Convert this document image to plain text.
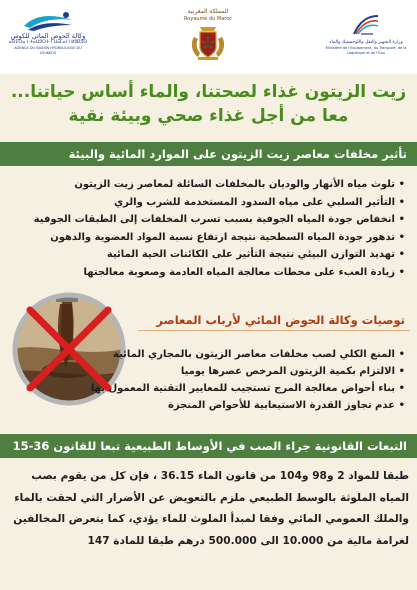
وكالة الحوض المائي للكوس
ⴰⵙⵉⵔⴰ ⵏ ⵜⴰⵡⵓⵔⵜ ⵏ ⵡⴰⵎⴰⵏ ⵏ ⵍⵓⴽⵓⵙ
AGENCE DU BASSIN HYDRAULIQUE DU LOUKKOS
المملكة المغربية
Royaume du Maroc
وزارة التجهيز والنقل واللوجستيك والماء
Ministère de l'Equipement, du Transport, de la Logistique et de l'Eau
زيت الزيتون غذاء لصحتنا، والماء أساس حياتنا...
معا من أجل غذاء صحي وبيئة نقية
تأثير مخلفات معاصر زيت الزيتون على الموارد المائية والبيئة
• تلوث مياه الأنهار والوديان بالمخلفات السائلة لمعاصر زيت الزيتون
• التأثير السلبي على مياه السدود المستخدمة للشرب والري
• انخفاض جودة المياه الجوفية بسبب تسرب المخلفات إلى الطبقات الجوفية
• تدهور جودة المياه السطحية نتيجة ارتفاع نسبة المواد العضوية والدهون
• تهديد التوازن البيئي نتيجة التأثير على الكائنات الحية المائية
• زيادة العبء على محطات معالجة المياه العادمة وصعوبة معالجتها
توصيات وكالة الحوض المائي لأرباب المعاصر
• المنع الكلي لصب مخلفات معاصر الزيتون بالمجاري المائية
• الالتزام بكمية الزيتون المرخص عصرها يوميا
• بناء أحواض معالجة المرج تستجيب للمعايير التقنية المعمول بها
• عدم تجاوز القدرة الاستيعابية للأحواض المنجزة
التبعات القانونية جراء الصب في الأوساط الطبيعية تبعا للقانون 36-15
طبقا للمواد 2 و98 و104 من قانون الماء 36.15 ، فإن كل من يقوم بصب
المياه الملوثة بالوسط الطبيعي ملزم بالتعويض عن الأضرار التي لحقت بالماء
والملك العمومي المائي وفقا لمبدأ الملوث للماء يؤدي، كما يتعرض المخالفين
لغرامة مالية من 10.000 الى 500.000 درهم طبقا للمادة 147
